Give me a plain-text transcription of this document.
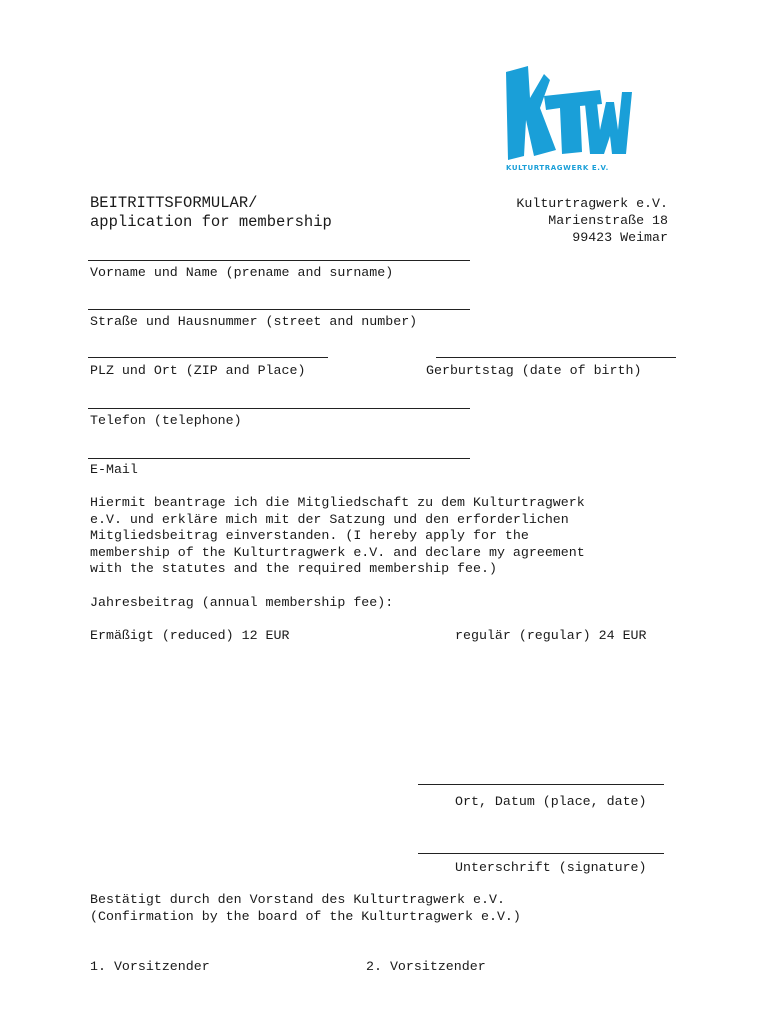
KULTURTRAGWERK E.V.
BEITRITTSFORMULAR/
application for membership
Kulturtragwerk e.V.
Marienstraße 18
99423 Weimar
Vorname und Name (prename and surname)
Straße und Hausnummer (street and number)
PLZ und Ort (ZIP and Place)	Gerburtstag (date of birth)
Telefon (telephone)
E-Mail
Hiermit beantrage ich die Mitgliedschaft zu dem Kulturtragwerk
e.V. und erkläre mich mit der Satzung und den erforderlichen
Mitgliedsbeitrag einverstanden. (I hereby apply for the
membership of the Kulturtragwerk e.V. and declare my agreement
with the statutes and the required membership fee.)
Jahresbeitrag (annual membership fee):
Ermäßigt (reduced) 12 EUR	regulär (regular) 24 EUR
Ort, Datum (place, date)
Unterschrift (signature)
Bestätigt durch den Vorstand des Kulturtragwerk e.V.
(Confirmation by the board of the Kulturtragwerk e.V.)
1. Vorsitzender	2. Vorsitzender
